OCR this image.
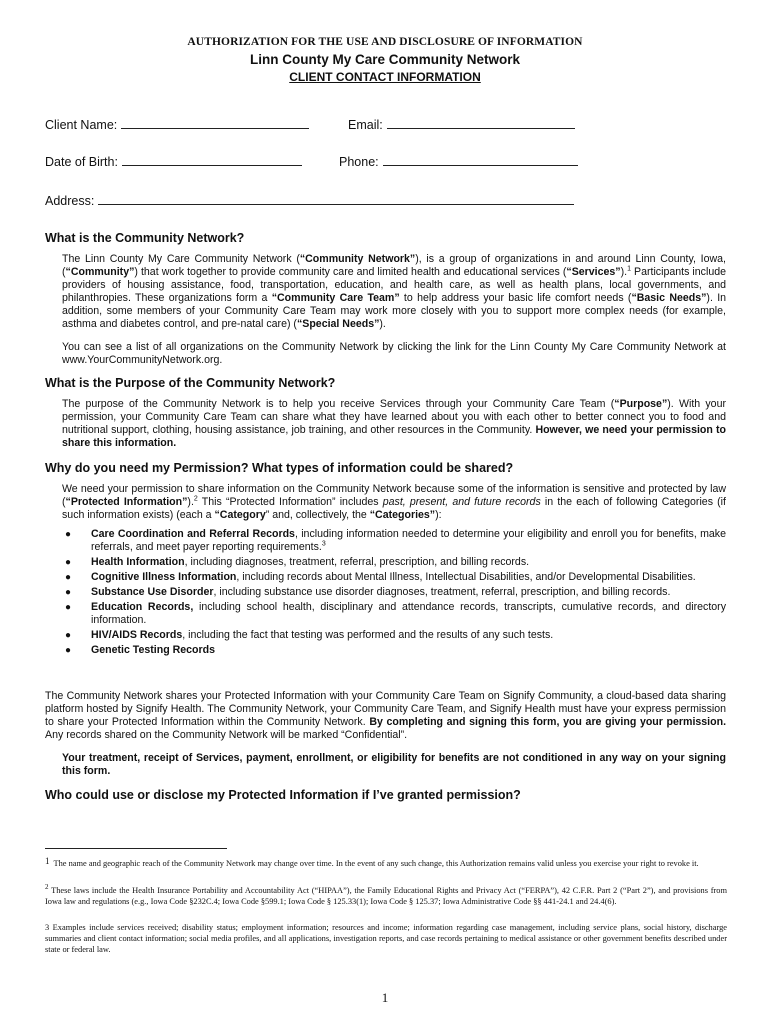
AUTHORIZATION FOR THE USE AND DISCLOSURE OF INFORMATION
Linn County My Care Community Network
CLIENT CONTACT INFORMATION
Client Name:	Email:
Date of Birth:	Phone:
Address:
What is the Community Network?
The Linn County My Care Community Network (“Community Network”), is a group of organizations in and around Linn County, Iowa, (“Community”) that work together to provide community care and limited health and educational services (“Services”).$^1$ Participants include providers of housing assistance, food, transportation, education, and health care, as well as health plans, local governments, and philanthropies. These organizations form a “Community Care Team” to help address your basic life comfort needs (“Basic Needs”). In addition, some members of your Community Care Team may work more closely with you to support more complex needs (for example, asthma and diabetes control, and pre-natal care) (“Special Needs”).
You can see a list of all organizations on the Community Network by clicking the link for the Linn County My Care Community Network at www.YourCommunityNetwork.org.
What is the Purpose of the Community Network?
The purpose of the Community Network is to help you receive Services through your Community Care Team (“Purpose”). With your permission, your Community Care Team can share what they have learned about you with each other to better connect you to food and nutritional support, clothing, housing assistance, job training, and other resources in the Community. However, we need your permission to share this information.
Why do you need my Permission? What types of information could be shared?
We need your permission to share information on the Community Network because some of the information is sensitive and protected by law (“Protected Information”).$^2$ This “Protected Information” includes past, present, and future records in the each of following Categories (if such information exists) (each a “Category” and, collectively, the “Categories”):
● Care Coordination and Referral Records, including information needed to determine your eligibility and enroll you for benefits, make referrals, and meet payer reporting requirements.$^3$
● Health Information, including diagnoses, treatment, referral, prescription, and billing records.
● Cognitive Illness Information, including records about Mental Illness, Intellectual Disabilities, and/or Developmental Disabilities.
● Substance Use Disorder, including substance use disorder diagnoses, treatment, referral, prescription, and billing records.
● Education Records, including school health, disciplinary and attendance records, transcripts, cumulative records, and directory information.
● HIV/AIDS Records, including the fact that testing was performed and the results of any such tests.
● Genetic Testing Records
The Community Network shares your Protected Information with your Community Care Team on Signify Community, a cloud-based data sharing platform hosted by Signify Health. The Community Network, your Community Care Team, and Signify Health must have your express permission to share your Protected Information within the Community Network. By completing and signing this form, you are giving your permission. Any records shared on the Community Network will be marked “Confidential”.
Your treatment, receipt of Services, payment, enrollment, or eligibility for benefits are not conditioned in any way on your signing this form.
Who could use or disclose my Protected Information if I’ve granted permission?
1 The name and geographic reach of the Community Network may change over time. In the event of any such change, this Authorization remains valid unless you exercise your right to revoke it.
$^2$ These laws include the Health Insurance Portability and Accountability Act (“HIPAA”), the Family Educational Rights and Privacy Act (“FERPA”), 42 C.F.R. Part 2 (“Part 2”), and provisions from Iowa law and regulations (e.g., Iowa Code §232C.4; Iowa Code §599.1; Iowa Code § 125.33(1); Iowa Code § 125.37; Iowa Administrative Code §§ 441-24.1 and 24.4(6).
3 Examples include services received; disability status; employment information; resources and income; information regarding case management, including service plans, social history, discharge summaries and client contact information; social media profiles, and all applications, investigation reports, and case records pertaining to medical assistance or other government benefits described under state or federal law.
1
